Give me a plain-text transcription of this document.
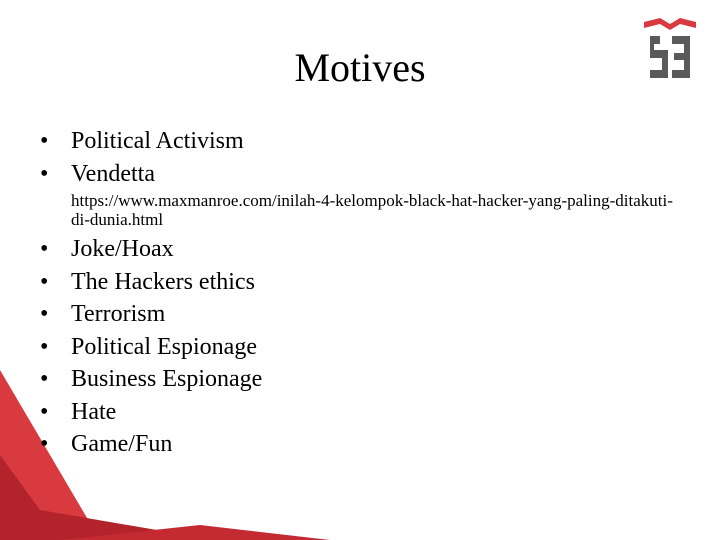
Motives
• Political Activism
• Vendetta
https://www.maxmanroe.com/inilah-4-kelompok-black-hat-hacker-yang-paling-ditakuti-di-dunia.html
• Joke/Hoax
• The Hackers ethics
• Terrorism
• Political Espionage
• Business Espionage
• Hate
• Game/Fun
